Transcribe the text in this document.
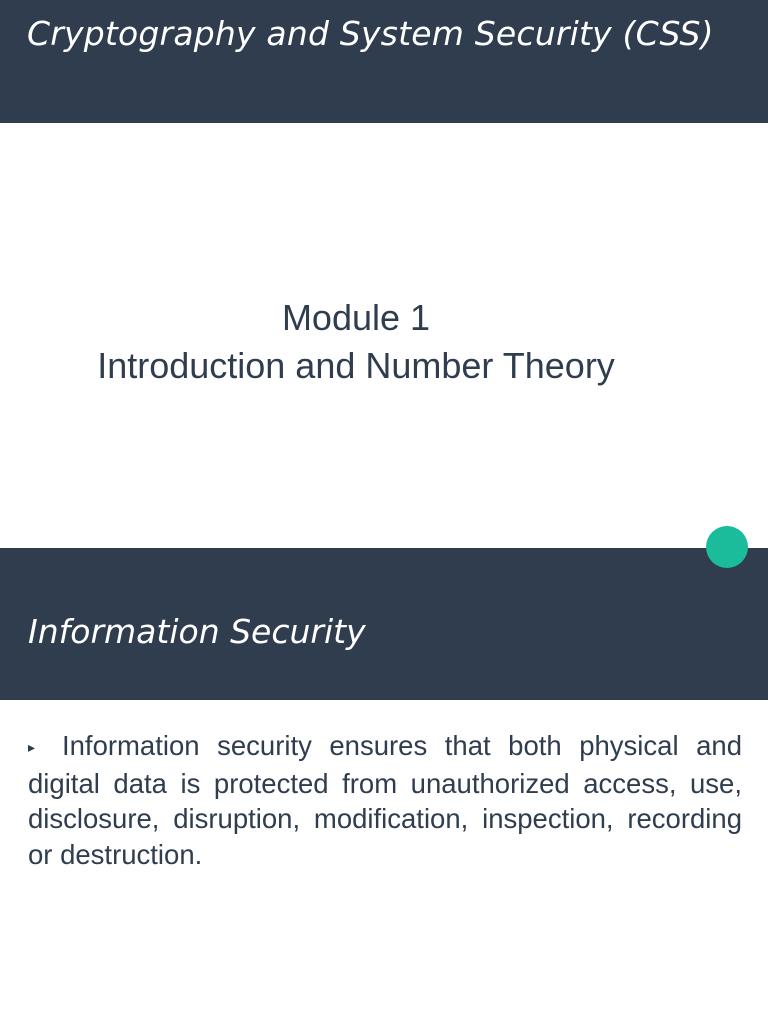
Cryptography and System Security (CSS)
Module 1
Introduction and Number Theory
Information Security
▸ Information security ensures that both physical and digital data is protected from unauthorized access, use, disclosure, disruption, modification, inspection, recording or destruction.
